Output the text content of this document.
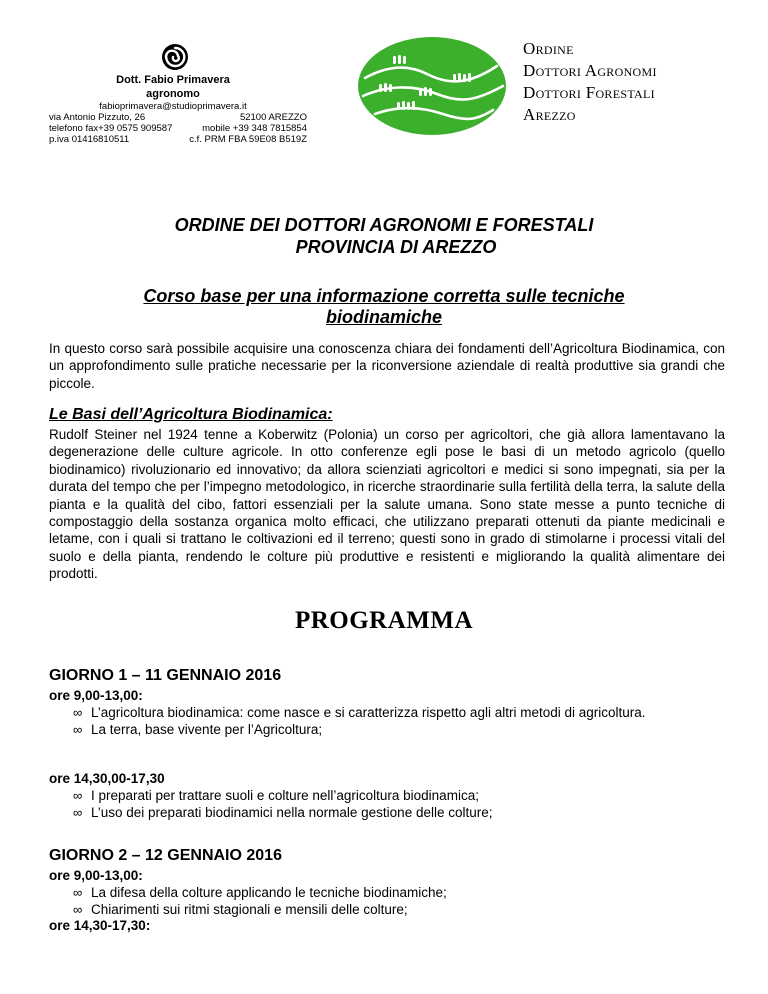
Dott. Fabio Primavera
agronomo
fabioprimavera@studioprimavera.it
via Antonio Pizzuto, 26	52100 AREZZO
telefono fax+39 0575 909587	mobile +39 348 7815854
p.iva 01416810511	c.f. PRM FBA 59E08 B519Z
Ordine
Dottori Agronomi
Dottori Forestali
Arezzo
ORDINE DEI DOTTORI AGRONOMI E FORESTALI
PROVINCIA DI AREZZO
Corso base per una informazione corretta sulle tecniche
biodinamiche
In questo corso sarà possibile acquisire una conoscenza chiara dei fondamenti dell’Agricoltura Biodinamica, con un approfondimento sulle pratiche necessarie per la riconversione aziendale di realtà produttive sia grandi che piccole.
Le Basi dell’Agricoltura Biodinamica:
Rudolf Steiner nel 1924 tenne a Koberwitz (Polonia) un corso per agricoltori, che già allora lamentavano la degenerazione delle culture agricole. In otto conferenze egli pose le basi di un metodo agricolo (quello biodinamico) rivoluzionario ed innovativo; da allora scienziati agricoltori e medici si sono impegnati, sia per la durata del tempo che per l’impegno metodologico, in ricerche straordinarie sulla fertilità della terra, la salute della pianta e la qualità del cibo, fattori essenziali per la salute umana. Sono state messe a punto tecniche di compostaggio della sostanza organica molto efficaci, che utilizzano preparati ottenuti da piante medicinali e letame, con i quali si trattano le coltivazioni ed il terreno; questi sono in grado di stimolarne i processi vitali del suolo e della pianta, rendendo le colture più produttive e resistenti e migliorando la qualità alimentare dei prodotti.
PROGRAMMA
GIORNO 1 – 11 GENNAIO 2016
ore 9,00-13,00:
∞ L’agricoltura biodinamica: come nasce e si caratterizza rispetto agli altri metodi di agricoltura.
∞ La terra, base vivente per l’Agricoltura;
ore 14,30,00-17,30
∞ I preparati per trattare suoli e colture nell’agricoltura biodinamica;
∞ L’uso dei preparati biodinamici nella normale gestione delle colture;
GIORNO 2 – 12 GENNAIO 2016
ore 9,00-13,00:
∞ La difesa della colture applicando le tecniche biodinamiche;
∞ Chiarimenti sui ritmi stagionali e mensili delle colture;
ore 14,30-17,30:
